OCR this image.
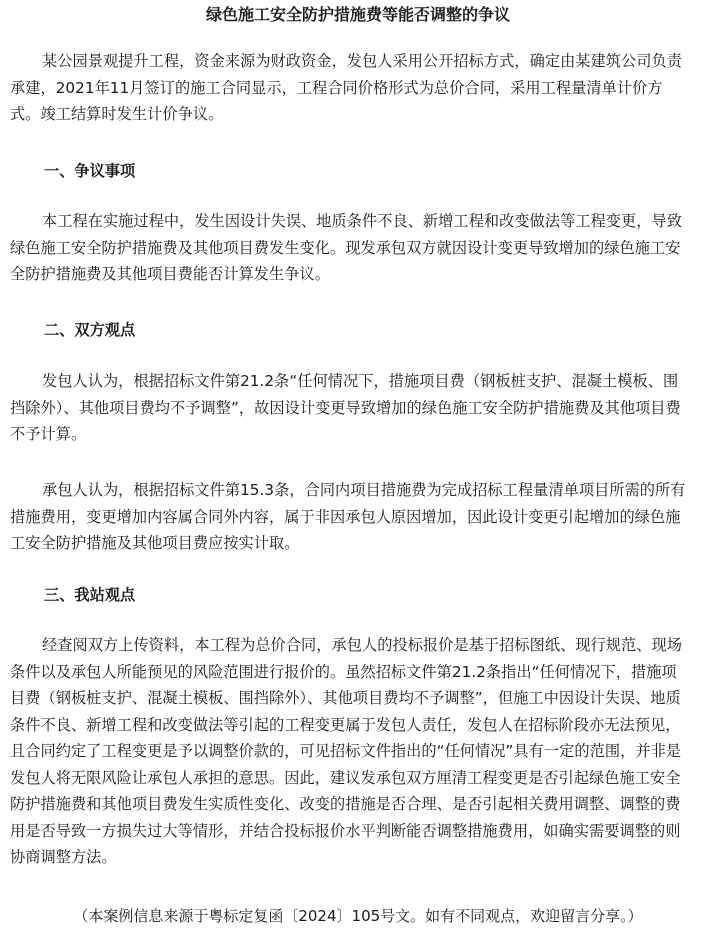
绿色施工安全防护措施费等能否调整的争议

某公园景观提升工程，资金来源为财政资金，发包人采用公开招标方式，确定由某建筑公司负责承建，2021年11月签订的施工合同显示，工程合同价格形式为总价合同，采用工程量清单计价方式。竣工结算时发生计价争议。

一、争议事项

本工程在实施过程中，发生因设计失误、地质条件不良、新增工程和改变做法等工程变更，导致绿色施工安全防护措施费及其他项目费发生变化。现发承包双方就因设计变更导致增加的绿色施工安全防护措施费及其他项目费能否计算发生争议。

二、双方观点

发包人认为，根据招标文件第21.2条“任何情况下，措施项目费（钢板桩支护、混凝土模板、围挡除外）、其他项目费均不予调整”，故因设计变更导致增加的绿色施工安全防护措施费及其他项目费不予计算。

承包人认为，根据招标文件第15.3条，合同内项目措施费为完成招标工程量清单项目所需的所有措施费用，变更增加内容属合同外内容，属于非因承包人原因增加，因此设计变更引起增加的绿色施工安全防护措施及其他项目费应按实计取。

三、我站观点

经查阅双方上传资料，本工程为总价合同，承包人的投标报价是基于招标图纸、现行规范、现场条件以及承包人所能预见的风险范围进行报价的。虽然招标文件第21.2条指出“任何情况下，措施项目费（钢板桩支护、混凝土模板、围挡除外）、其他项目费均不予调整”，但施工中因设计失误、地质条件不良、新增工程和改变做法等引起的工程变更属于发包人责任，发包人在招标阶段亦无法预见，且合同约定了工程变更是予以调整价款的，可见招标文件指出的“任何情况”具有一定的范围，并非是发包人将无限风险让承包人承担的意思。因此，建议发承包双方厘清工程变更是否引起绿色施工安全防护措施费和其他项目费发生实质性变化、改变的措施是否合理、是否引起相关费用调整、调整的费用是否导致一方损失过大等情形，并结合投标报价水平判断能否调整措施费用，如确实需要调整的则协商调整方法。

（本案例信息来源于粤标定复函〔2024〕105号文。如有不同观点，欢迎留言分享。）
